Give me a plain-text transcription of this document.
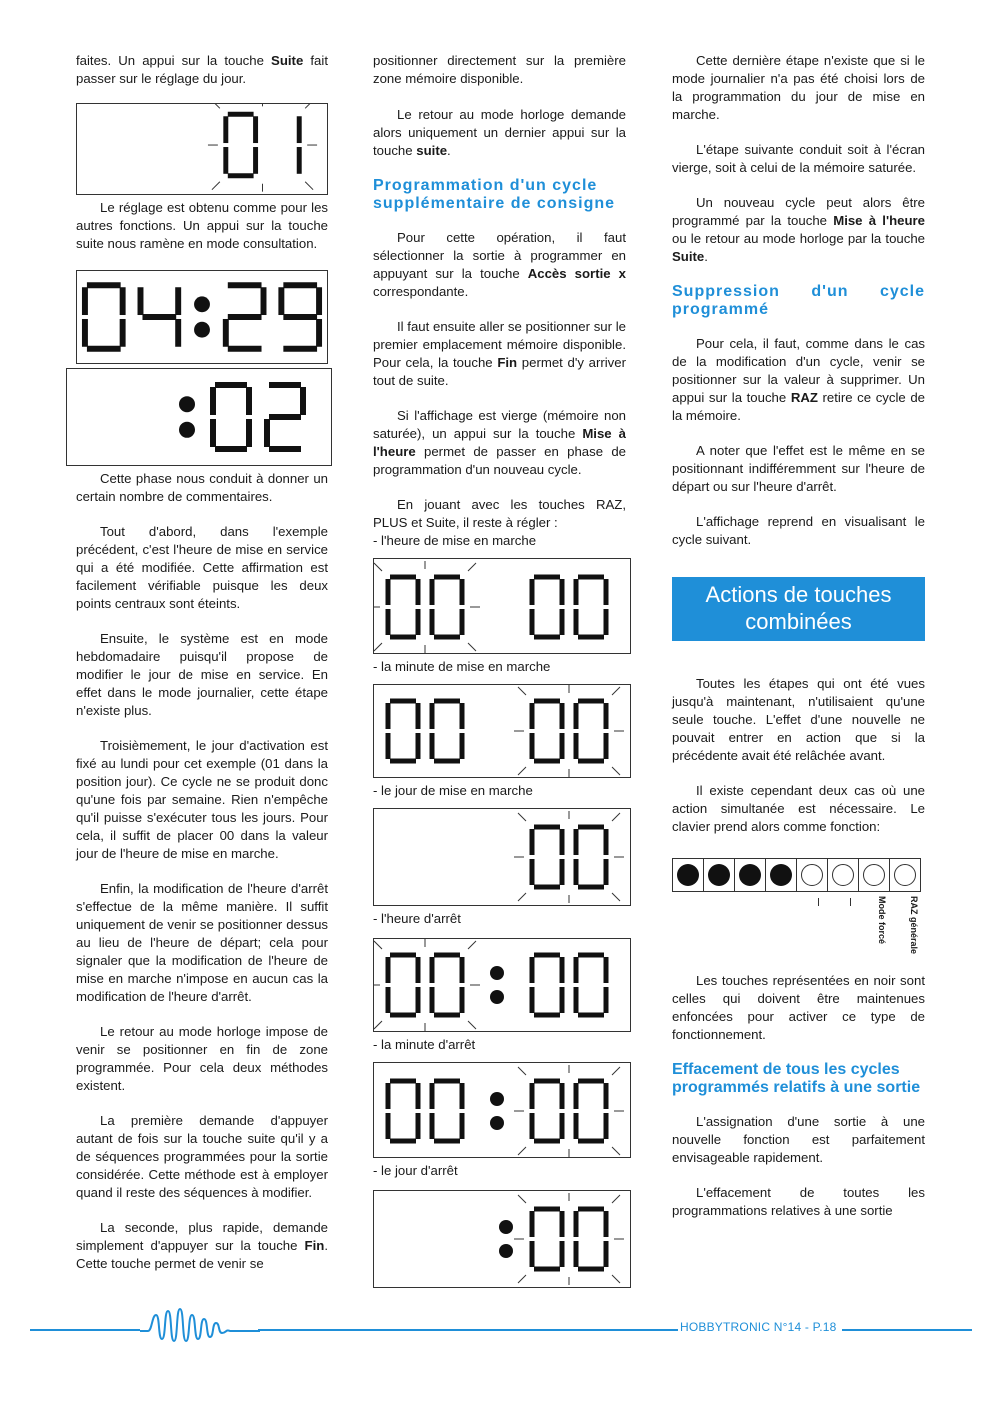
faites. Un appui sur la touche Suite fait passer sur le réglage du jour.

Le réglage est obtenu comme pour les autres fonctions. Un appui sur la touche suite nous ramène en mode consultation.

Cette phase nous conduit à donner un certain nombre de commentaires.

Tout d'abord, dans l'exemple précédent, c'est l'heure de mise en service qui a été modifiée. Cette affirmation est facilement vérifiable puisque les deux points centraux sont éteints.

Ensuite, le système est en mode hebdomadaire puisqu'il propose de modifier le jour de mise en service. En effet dans le mode journalier, cette étape n'existe plus.

Troisièmement, le jour d'activation est fixé au lundi pour cet exemple (01 dans la position jour). Ce cycle ne se produit donc qu'une fois par semaine. Rien n'empêche qu'il puisse s'exécuter tous les jours. Pour cela, il suffit de placer 00 dans la valeur jour de l'heure de mise en marche.

Enfin, la modification de l'heure d'arrêt s'effectue de la même manière. Il suffit uniquement de venir se positionner dessus au lieu de l'heure de départ; cela pour signaler que la modification de l'heure de mise en marche n'impose en aucun cas la modification de l'heure d'arrêt.

Le retour au mode horloge impose de venir se positionner en fin de zone programmée. Pour cela deux méthodes existent.

La première demande d'appuyer autant de fois sur la touche suite qu'il y a de séquences programmées pour la sortie considérée. Cette méthode est à employer quand il reste des séquences à modifier.

La seconde, plus rapide, demande simplement d'appuyer sur la touche Fin. Cette touche permet de venir se

positionner directement sur la première zone mémoire disponible.

Le retour au mode horloge demande alors uniquement un dernier appui sur la touche suite.

Programmation d'un cycle supplémentaire de consigne

Pour cette opération, il faut sélectionner la sortie à programmer en appuyant sur la touche Accès sortie x correspondante.

Il faut ensuite aller se positionner sur le premier emplacement mémoire disponible. Pour cela, la touche Fin permet d'y arriver tout de suite.

Si l'affichage est vierge (mémoire non saturée), un appui sur la touche Mise à l'heure permet de passer en phase de programmation d'un nouveau cycle.

En jouant avec les touches RAZ, PLUS et Suite, il reste à régler :

- l'heure de mise en marche

- la minute de mise en marche

- le jour de mise en marche

- l'heure d'arrêt

- la minute d'arrêt

- le jour d'arrêt

Cette dernière étape n'existe que si le mode journalier n'a pas été choisi lors de la programmation du jour de mise en marche.

L'étape suivante conduit soit à l'écran vierge, soit à celui de la mémoire saturée.

Un nouveau cycle peut alors être programmé par la touche Mise à l'heure ou le retour au mode horloge par la touche Suite.

Suppression d'un cycle programmé

Pour cela, il faut, comme dans le cas de la modification d'un cycle, venir se positionner sur la valeur à supprimer. Un appui sur la touche RAZ retire ce cycle de la mémoire.

A noter que l'effet est le même en se positionnant indifféremment sur l'heure de départ ou sur l'heure d'arrêt.

L'affichage reprend en visualisant le cycle suivant.

Actions de touches
combinées

Toutes les étapes qui ont été vues jusqu'à maintenant, n'utilisaient qu'une seule touche. L'effet d'une nouvelle ne pouvait entrer en action que si la précédente avait été relâchée avant.

Il existe cependant deux cas où une action simultanée est nécessaire. Le clavier prend alors comme fonction:

Mode forcé RAZ générale

Les touches représentées en noir sont celles qui doivent être maintenues enfoncées pour activer ce type de fonctionnement.

Effacement de tous les cycles programmés relatifs à une sortie

L'assignation d'une sortie à une nouvelle fonction est parfaitement envisageable rapidement.

L'effacement de toutes les programmations relatives à une sortie

HOBBYTRONIC N°14 - P.18
